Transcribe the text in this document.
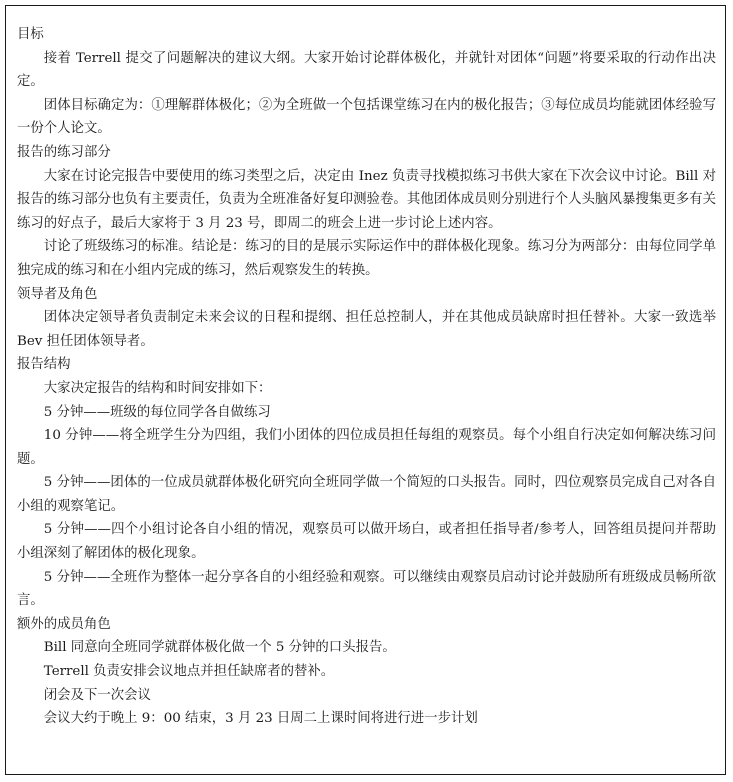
目标

接着 Terrell 提交了问题解决的建议大纲。大家开始讨论群体极化，并就针对团体“问题”将要采取的行动作出决定。

团体目标确定为：①理解群体极化；②为全班做一个包括课堂练习在内的极化报告；③每位成员均能就团体经验写一份个人论文。

报告的练习部分

大家在讨论完报告中要使用的练习类型之后，决定由 Inez 负责寻找模拟练习书供大家在下次会议中讨论。Bill 对报告的练习部分也负有主要责任，负责为全班准备好复印测验卷。其他团体成员则分别进行个人头脑风暴搜集更多有关练习的好点子，最后大家将于 3 月 23 号，即周二的班会上进一步讨论上述内容。

讨论了班级练习的标准。结论是：练习的目的是展示实际运作中的群体极化现象。练习分为两部分：由每位同学单独完成的练习和在小组内完成的练习，然后观察发生的转换。

领导者及角色

团体决定领导者负责制定未来会议的日程和提纲、担任总控制人，并在其他成员缺席时担任替补。大家一致选举 Bev 担任团体领导者。

报告结构

大家决定报告的结构和时间安排如下：

5 分钟——班级的每位同学各自做练习

10 分钟——将全班学生分为四组，我们小团体的四位成员担任每组的观察员。每个小组自行决定如何解决练习问题。

5 分钟——团体的一位成员就群体极化研究向全班同学做一个简短的口头报告。同时，四位观察员完成自己对各自小组的观察笔记。

5 分钟——四个小组讨论各自小组的情况，观察员可以做开场白，或者担任指导者/参考人，回答组员提问并帮助小组深刻了解团体的极化现象。

5 分钟——全班作为整体一起分享各自的小组经验和观察。可以继续由观察员启动讨论并鼓励所有班级成员畅所欲言。

额外的成员角色

Bill 同意向全班同学就群体极化做一个 5 分钟的口头报告。

Terrell 负责安排会议地点并担任缺席者的替补。

闭会及下一次会议

会议大约于晚上 9：00 结束，3 月 23 日周二上课时间将进行进一步计划
